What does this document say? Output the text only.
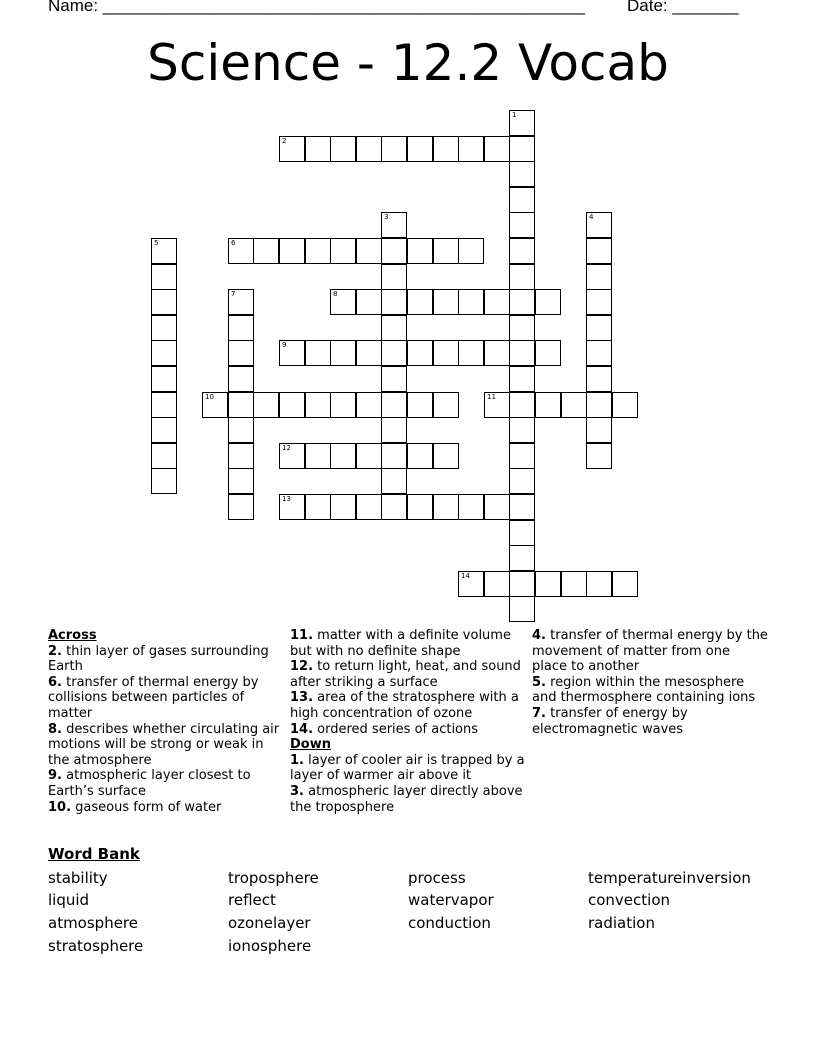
Name: ___________________________________________________ Date: _______
Science - 12.2 Vocab
1
2
3	4
5	6
7	8
9
10	11
12
13
14
Across
2. thin layer of gases surrounding Earth
6. transfer of thermal energy by collisions between particles of matter
8. describes whether circulating air motions will be strong or weak in the atmosphere
9. atmospheric layer closest to Earth’s surface
10. gaseous form of water
11. matter with a definite volume but with no definite shape
12. to return light, heat, and sound after striking a surface
13. area of the stratosphere with a high concentration of ozone
14. ordered series of actions
Down
1. layer of cooler air is trapped by a layer of warmer air above it
3. atmospheric layer directly above the troposphere
4. transfer of thermal energy by the movement of matter from one place to another
5. region within the mesosphere and thermosphere containing ions
7. transfer of energy by electromagnetic waves
Word Bank
stability	troposphere	process	temperatureinversion
liquid	reflect	watervapor	convection
atmosphere	ozonelayer	conduction	radiation
stratosphere	ionosphere
